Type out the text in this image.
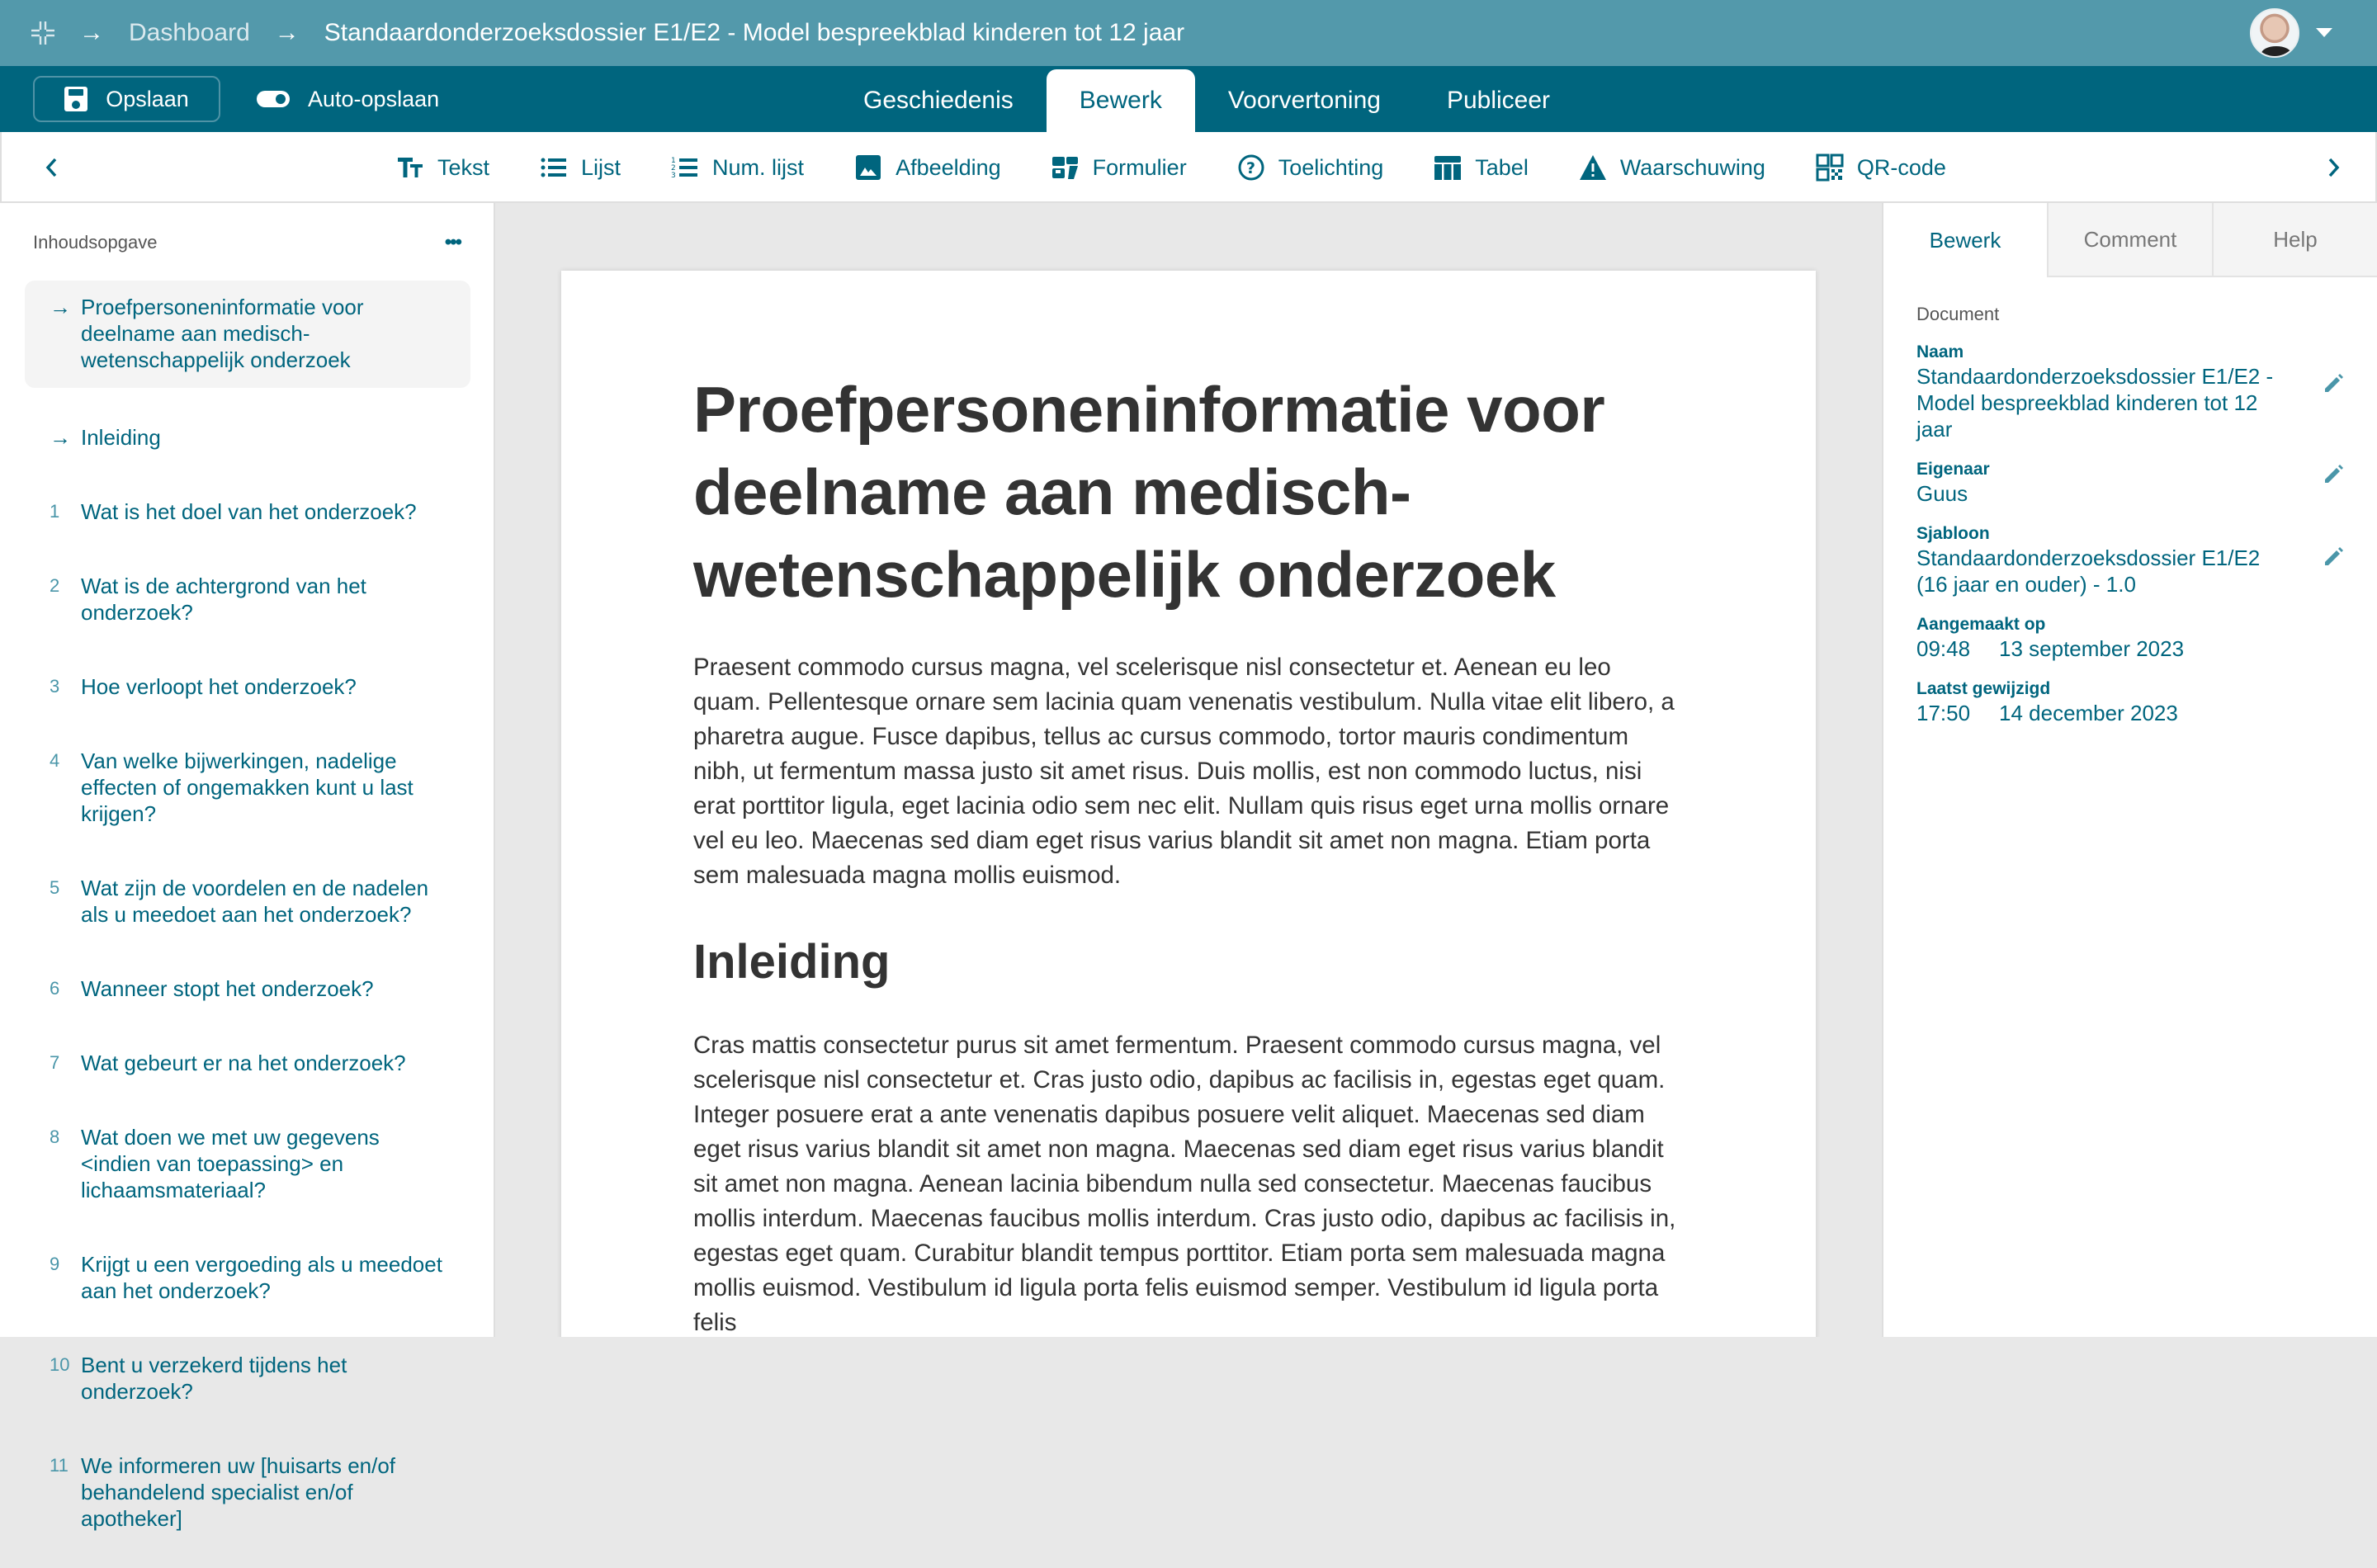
→ Dashboard → Standaardonderzoeksdossier E1/E2 - Model bespreekblad kinderen tot 12 jaar
Opslaan	Auto-opslaan	Geschiedenis	Bewerk	Voorvertoning	Publiceer
Tekst	Lijst	1
2
3 Num. lijst	Afbeelding	Formulier	? Toelichting	Tabel	Waarschuwing	QR-code
Inhoudsopgave	•••
→ Proefpersoneninformatie voor deelname aan medisch-wetenschappelijk onderzoek
→ Inleiding
1 Wat is het doel van het onderzoek?
2 Wat is de achtergrond van het onderzoek?
3 Hoe verloopt het onderzoek?
4 Van welke bijwerkingen, nadelige effecten of ongemakken kunt u last krijgen?
5 Wat zijn de voordelen en de nadelen als u meedoet aan het onderzoek?
6 Wanneer stopt het onderzoek?
7 Wat gebeurt er na het onderzoek?
8 Wat doen we met uw gegevens <indien van toepassing> en lichaamsmateriaal?
9 Krijgt u een vergoeding als u meedoet aan het onderzoek?
10 Bent u verzekerd tijdens het onderzoek?
11 We informeren uw [huisarts en/of behandelend specialist en/of apotheker]
Proefpersoneninformatie voor deelname aan medisch-wetenschappelijk onderzoek

Praesent commodo cursus magna, vel scelerisque nisl consectetur et. Aenean eu leo quam. Pellentesque ornare sem lacinia quam venenatis vestibulum. Nulla vitae elit libero, a pharetra augue. Fusce dapibus, tellus ac cursus commodo, tortor mauris condimentum nibh, ut fermentum massa justo sit amet risus. Duis mollis, est non commodo luctus, nisi erat porttitor ligula, eget lacinia odio sem nec elit. Nullam quis risus eget urna mollis ornare vel eu leo. Maecenas sed diam eget risus varius blandit sit amet non magna. Etiam porta sem malesuada magna mollis euismod.

Inleiding

Cras mattis consectetur purus sit amet fermentum. Praesent commodo cursus magna, vel scelerisque nisl consectetur et. Cras justo odio, dapibus ac facilisis in, egestas eget quam. Integer posuere erat a ante venenatis dapibus posuere velit aliquet. Maecenas sed diam eget risus varius blandit sit amet non magna. Maecenas sed diam eget risus varius blandit sit amet non magna. Aenean lacinia bibendum nulla sed consectetur. Maecenas faucibus mollis interdum. Maecenas faucibus mollis interdum. Cras justo odio, dapibus ac facilisis in, egestas eget quam. Curabitur blandit tempus porttitor. Etiam porta sem malesuada magna mollis euismod. Vestibulum id ligula porta felis euismod semper. Vestibulum id ligula porta felis

Bewerk	Comment	Help
Document
Naam
Standaardonderzoeksdossier E1/E2 - Model bespreekblad kinderen tot 12 jaar
Eigenaar
Guus
Sjabloon
Standaardonderzoeksdossier E1/E2 (16 jaar en ouder) - 1.0
Aangemaakt op
09:48 13 september 2023
Laatst gewijzigd
17:50 14 december 2023
